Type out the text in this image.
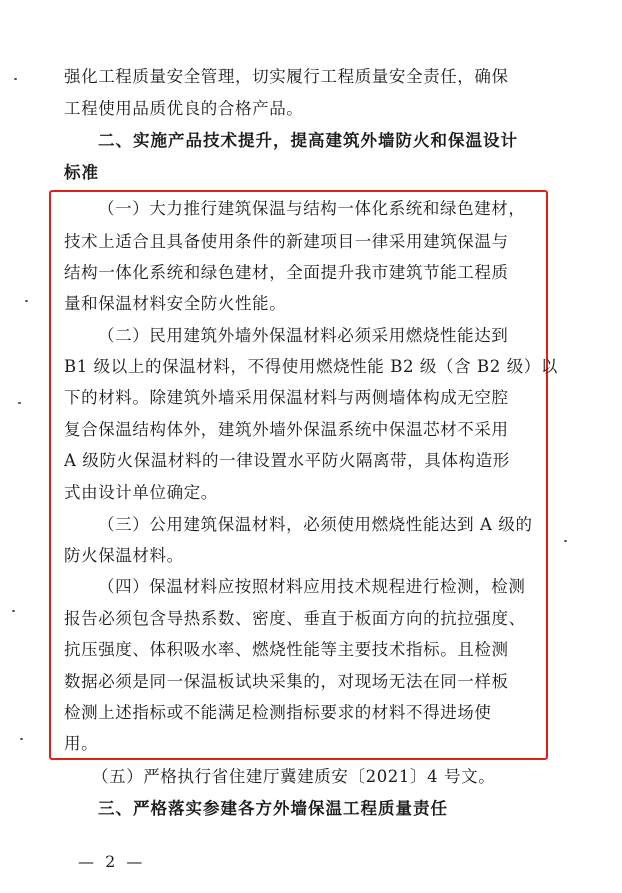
强化工程质量安全管理，切实履行工程质量安全责任，确保
工程使用品质优良的合格产品。
二、实施产品技术提升，提高建筑外墙防火和保温设计
标准
（一）大力推行建筑保温与结构一体化系统和绿色建材，
技术上适合且具备使用条件的新建项目一律采用建筑保温与
结构一体化系统和绿色建材，全面提升我市建筑节能工程质
量和保温材料安全防火性能。
（二）民用建筑外墙外保温材料必须采用燃烧性能达到
B1 级以上的保温材料，不得使用燃烧性能 B2 级（含 B2 级）以
下的材料。除建筑外墙采用保温材料与两侧墙体构成无空腔
复合保温结构体外，建筑外墙外保温系统中保温芯材不采用
A 级防火保温材料的一律设置水平防火隔离带，具体构造形
式由设计单位确定。
（三）公用建筑保温材料，必须使用燃烧性能达到 A 级的
防火保温材料。
（四）保温材料应按照材料应用技术规程进行检测，检测
报告必须包含导热系数、密度、垂直于板面方向的抗拉强度、
抗压强度、体积吸水率、燃烧性能等主要技术指标。且检测
数据必须是同一保温板试块采集的，对现场无法在同一样板
检测上述指标或不能满足检测指标要求的材料不得进场使
用。
（五）严格执行省住建厅冀建质安〔2021〕4 号文。
三、严格落实参建各方外墙保温工程质量责任
— 2 —
